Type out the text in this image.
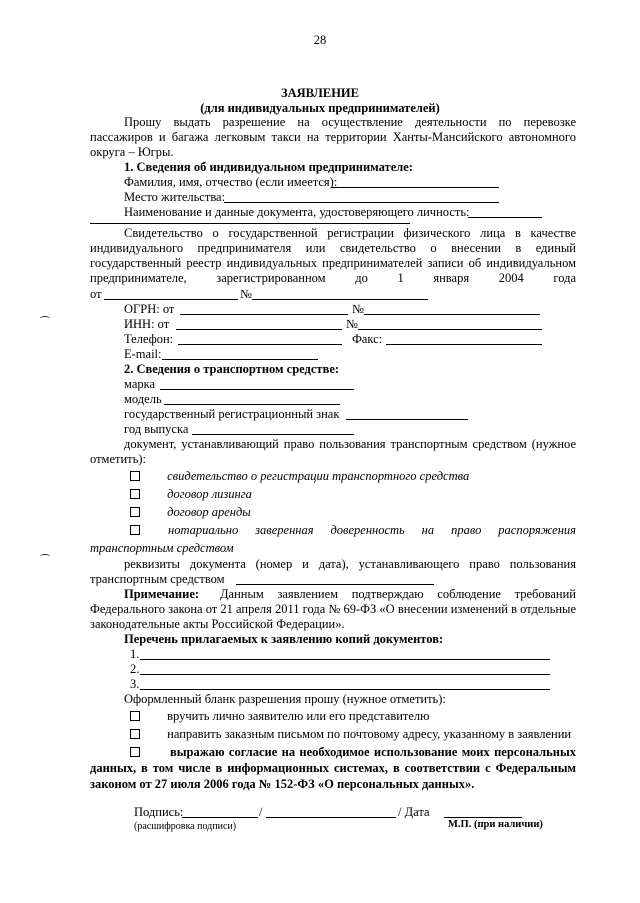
28
ЗАЯВЛЕНИЕ
(для индивидуальных предпринимателей)
Прошу выдать разрешение на осуществление деятельности по перевозке
пассажиров и багажа легковым такси на территории Ханты-Мансийского автономного
округа – Югры.
1. Сведения об индивидуальном предпринимателе:
Фамилия, имя, отчество (если имеется):
Место жительства:
Наименование и данные документа, удостоверяющего личность:
Свидетельство о государственной регистрации физического лица в качестве
индивидуального предпринимателя или свидетельство о внесении в единый
государственный реестр индивидуальных предпринимателей записи об индивидуальном
предпринимателе, зарегистрированном до 1 января 2004 года
от	№
ОГРН: от	№
ИНН: от	№
Телефон:	Факс:
E-mail:
2. Сведения о транспортном средстве:
марка
модель
государственный регистрационный знак
год выпуска
документ, устанавливающий право пользования транспортным средством (нужное
отметить):
свидетельство о регистрации транспортного средства
договор лизинга
договор аренды
нотариально заверенная доверенность на право распоряжения
транспортным средством
реквизиты документа (номер и дата), устанавливающего право пользования
транспортным средством
Примечание: Данным заявлением подтверждаю соблюдение требований
Федерального закона от 21 апреля 2011 года № 69-ФЗ «О внесении изменений в отдельные
законодательные акты Российской Федерации».
Перечень прилагаемых к заявлению копий документов:
1.
2.
3.
Оформленный бланк разрешения прошу (нужное отметить):
вручить лично заявителю или его представителю
направить заказным письмом по почтовому адресу, указанному в заявлении
выражаю согласие на необходимое использование моих персональных
данных, в том числе в информационных системах, в соответствии с Федеральным
законом от 27 июля 2006 года № 152-ФЗ «О персональных данных».
Подпись:	/	/ Дата
(расшифровка подписи)	М.П. (при наличии)
